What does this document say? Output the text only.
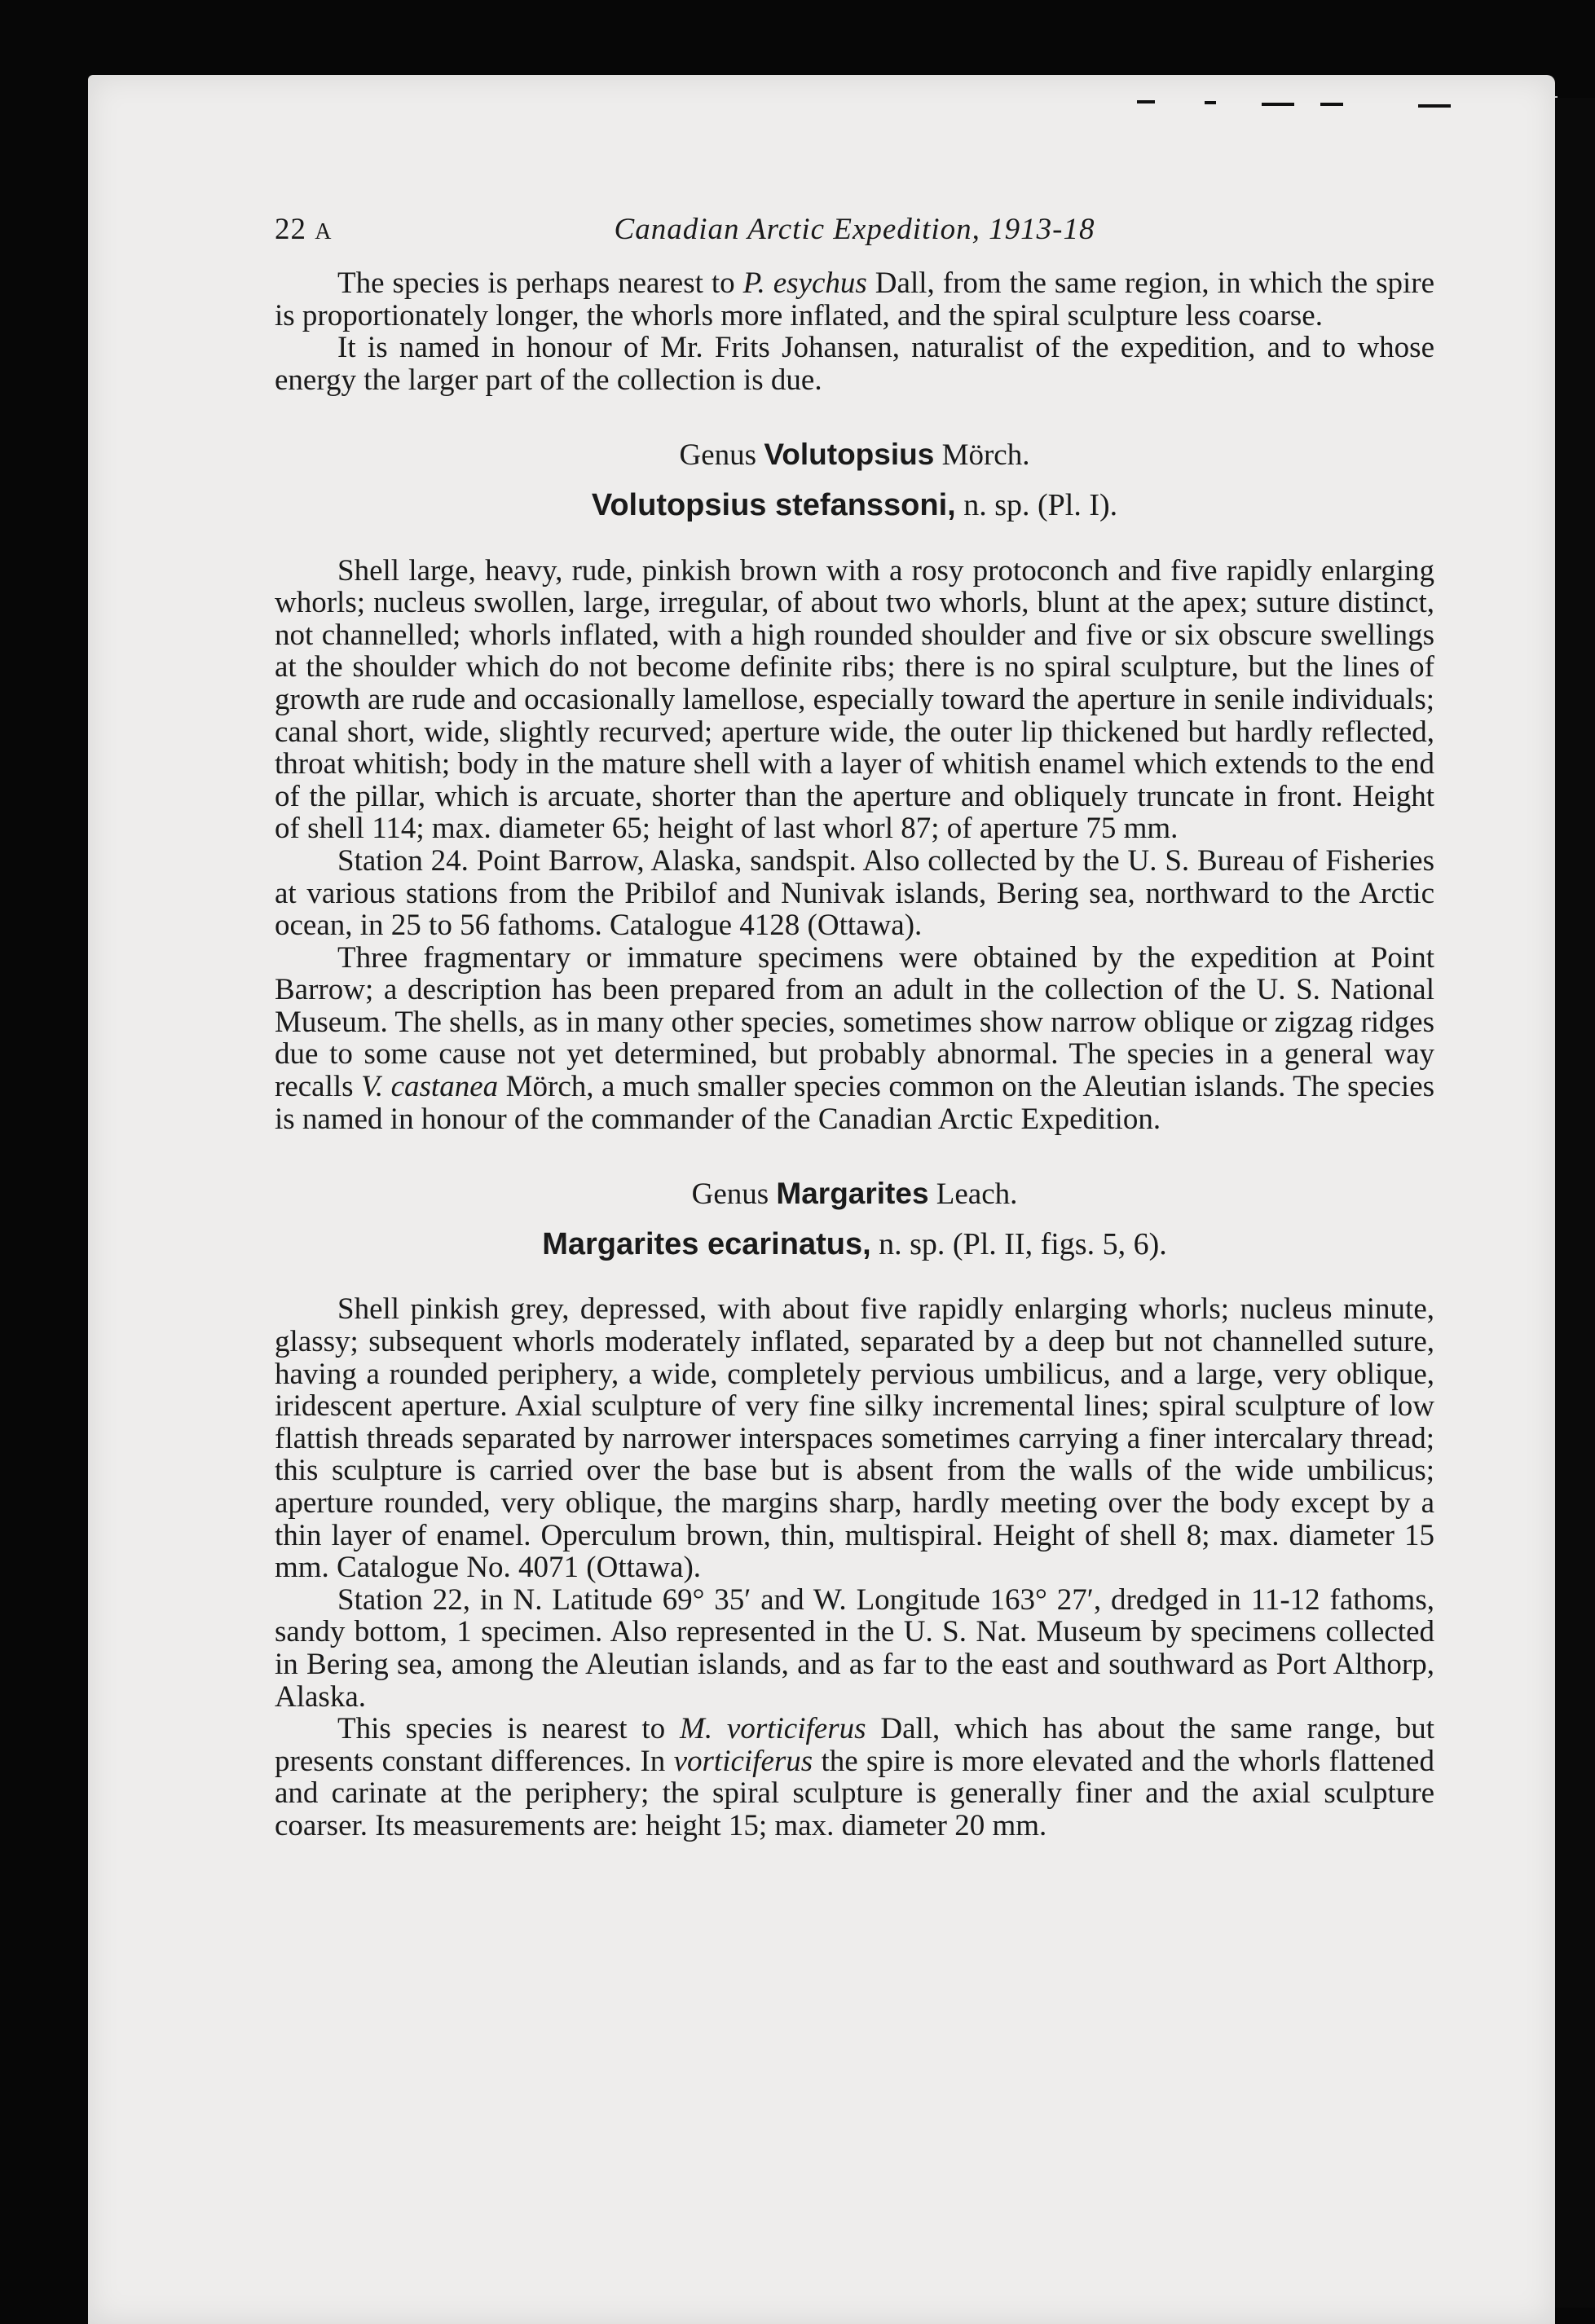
22 A	Canadian Arctic Expedition, 1913-18

The species is perhaps nearest to P. esychus Dall, from the same region, in which the spire is proportionately longer, the whorls more inflated, and the spiral sculpture less coarse.

It is named in honour of Mr. Frits Johansen, naturalist of the expedition, and to whose energy the larger part of the collection is due.

Genus Volutopsius Mörch.
Volutopsius stefanssoni, n. sp. (Pl. I).

Shell large, heavy, rude, pinkish brown with a rosy protoconch and five rapidly enlarging whorls; nucleus swollen, large, irregular, of about two whorls, blunt at the apex; suture distinct, not channelled; whorls inflated, with a high rounded shoulder and five or six obscure swellings at the shoulder which do not become definite ribs; there is no spiral sculpture, but the lines of growth are rude and occasionally lamellose, especially toward the aperture in senile individuals; canal short, wide, slightly recurved; aperture wide, the outer lip thickened but hardly reflected, throat whitish; body in the mature shell with a layer of whitish enamel which extends to the end of the pillar, which is arcuate, shorter than the aperture and obliquely truncate in front. Height of shell 114; max. diameter 65; height of last whorl 87; of aperture 75 mm.

Station 24. Point Barrow, Alaska, sandspit. Also collected by the U. S. Bureau of Fisheries at various stations from the Pribilof and Nunivak islands, Bering sea, northward to the Arctic ocean, in 25 to 56 fathoms. Catalogue 4128 (Ottawa).

Three fragmentary or immature specimens were obtained by the expedition at Point Barrow; a description has been prepared from an adult in the collection of the U. S. National Museum. The shells, as in many other species, sometimes show narrow oblique or zigzag ridges due to some cause not yet determined, but probably abnormal. The species in a general way recalls V. castanea Mörch, a much smaller species common on the Aleutian islands. The species is named in honour of the commander of the Canadian Arctic Expedition.

Genus Margarites Leach.
Margarites ecarinatus, n. sp. (Pl. II, figs. 5, 6).

Shell pinkish grey, depressed, with about five rapidly enlarging whorls; nucleus minute, glassy; subsequent whorls moderately inflated, separated by a deep but not channelled suture, having a rounded periphery, a wide, completely pervious umbilicus, and a large, very oblique, iridescent aperture. Axial sculpture of very fine silky incremental lines; spiral sculpture of low flattish threads separated by narrower interspaces sometimes carrying a finer intercalary thread; this sculpture is carried over the base but is absent from the walls of the wide umbilicus; aperture rounded, very oblique, the margins sharp, hardly meeting over the body except by a thin layer of enamel. Operculum brown, thin, multispiral. Height of shell 8; max. diameter 15 mm. Catalogue No. 4071 (Ottawa).

Station 22, in N. Latitude 69° 35′ and W. Longitude 163° 27′, dredged in 11-12 fathoms, sandy bottom, 1 specimen. Also represented in the U. S. Nat. Museum by specimens collected in Bering sea, among the Aleutian islands, and as far to the east and southward as Port Althorp, Alaska.

This species is nearest to M. vorticiferus Dall, which has about the same range, but presents constant differences. In vorticiferus the spire is more elevated and the whorls flattened and carinate at the periphery; the spiral sculpture is generally finer and the axial sculpture coarser. Its measurements are: height 15; max. diameter 20 mm.
